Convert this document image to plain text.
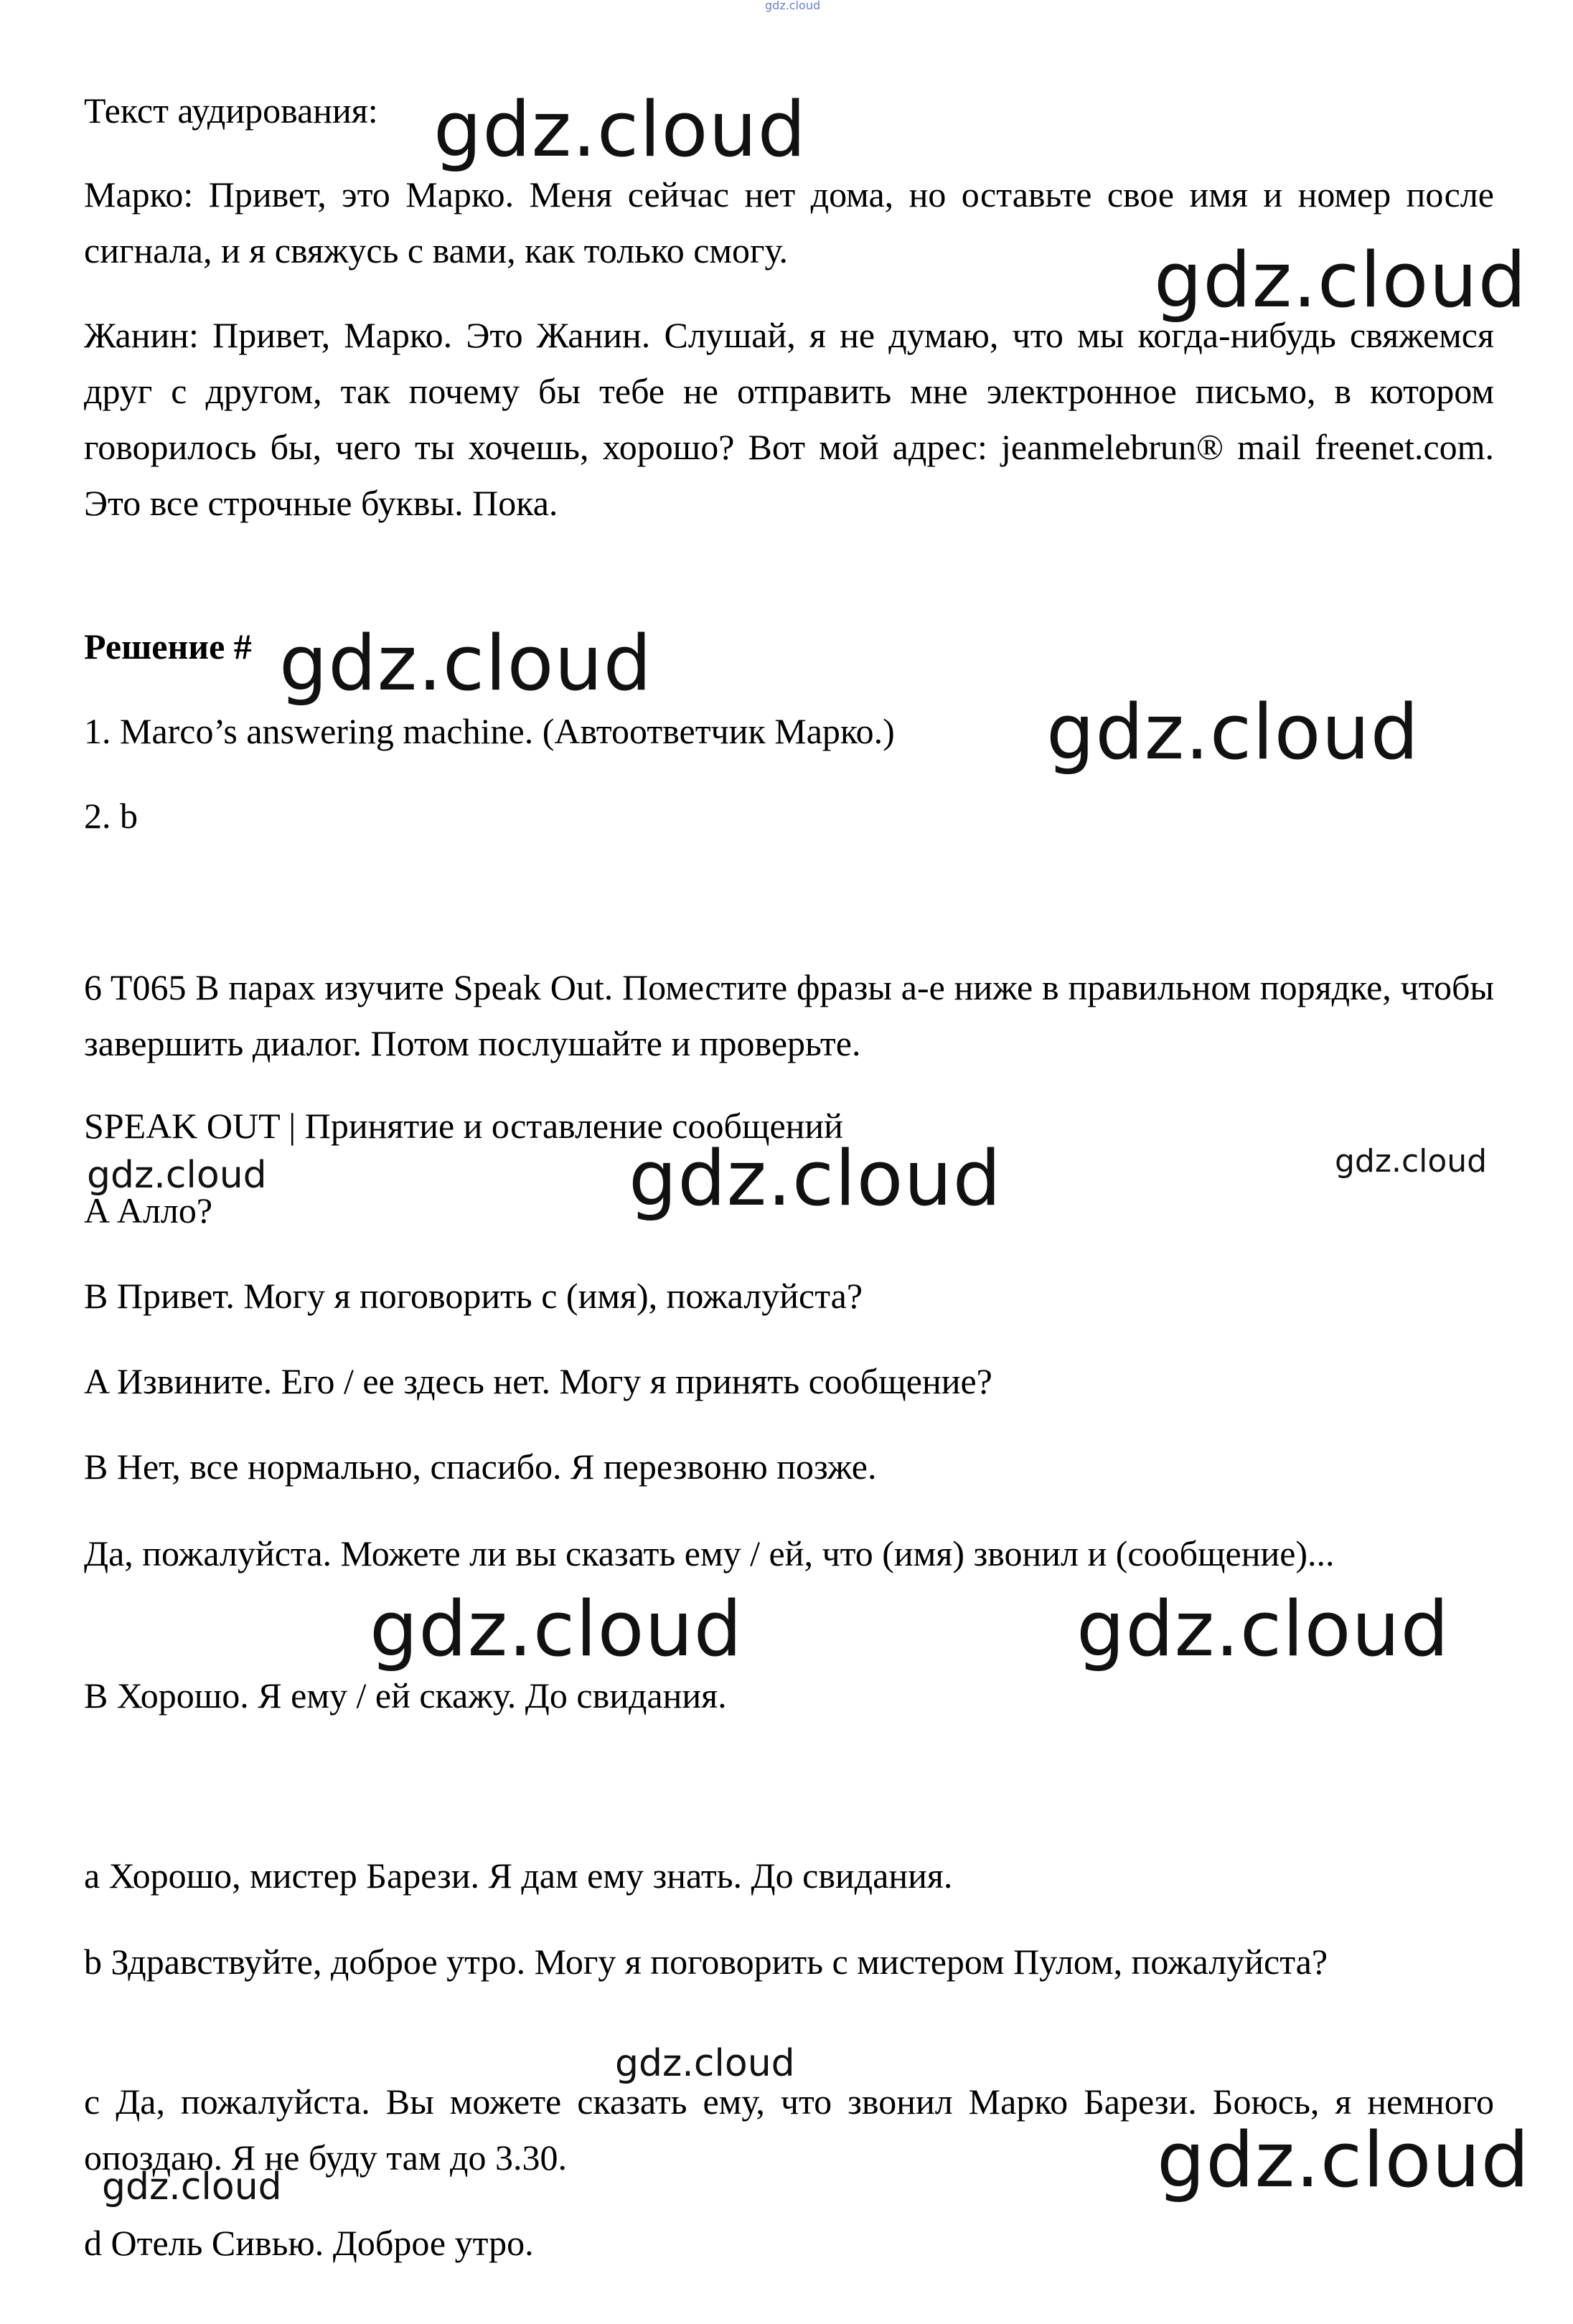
gdz.cloud

Текст аудирования:

Марко: Привет, это Марко. Меня сейчас нет дома, но оставьте свое имя и номер после сигнала, и я свяжусь с вами, как только смогу.

Жанин: Привет, Марко. Это Жанин. Слушай, я не думаю, что мы когда-нибудь свяжемся друг с другом, так почему бы тебе не отправить мне электронное письмо, в котором говорилось бы, чего ты хочешь, хорошо? Вот мой адрес: jeanmelebrun® mail freenet.com. Это все строчные буквы. Пока.

Решение #

1. Marco’s answering machine. (Автоответчик Марко.)

2. b

6 T065 В парах изучите Speak Out. Поместите фразы a-e ниже в правильном порядке, чтобы завершить диалог. Потом послушайте и проверьте.

SPEAK OUT | Принятие и оставление сообщений

A Алло?

B Привет. Могу я поговорить с (имя), пожалуйста?

A Извините. Его / ее здесь нет. Могу я принять сообщение?

B Нет, все нормально, спасибо. Я перезвоню позже.

Да, пожалуйста. Можете ли вы сказать ему / ей, что (имя) звонил и (сообщение)...

B Хорошо. Я ему / ей скажу. До свидания.

a Хорошо, мистер Барези. Я дам ему знать. До свидания.

b Здравствуйте, доброе утро. Могу я поговорить с мистером Пулом, пожалуйста?

c Да, пожалуйста. Вы можете сказать ему, что звонил Марко Барези. Боюсь, я немного опоздаю. Я не буду там до 3.30.

d Отель Сивью. Доброе утро.

gdz.cloud
gdz.cloud
gdz.cloud
gdz.cloud
gdz.cloud	gdz.cloud	gdz.cloud
gdz.cloud	gdz.cloud
gdz.cloud
gdz.cloud
gdz.cloud
